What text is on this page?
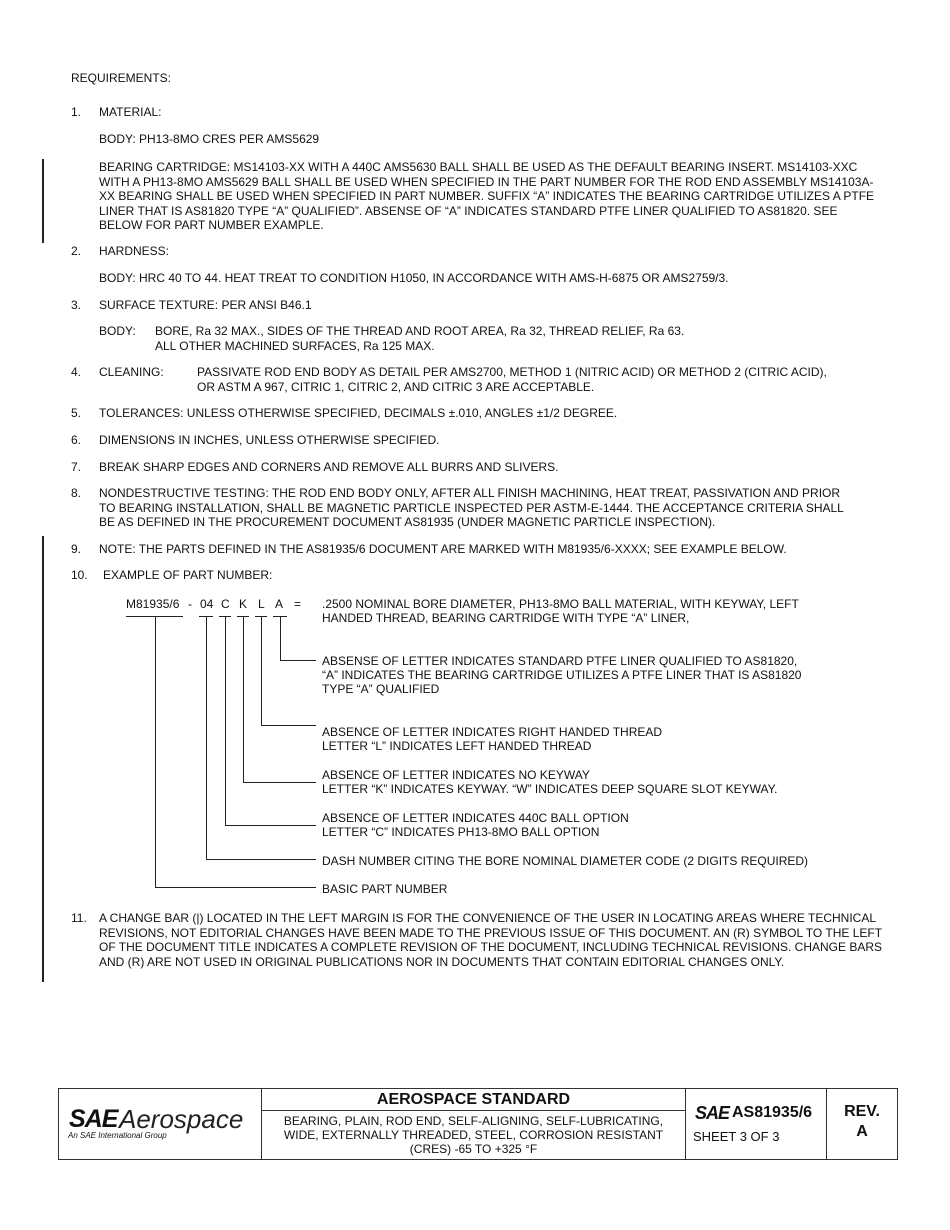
REQUIREMENTS:
1. MATERIAL:
BODY: PH13-8MO CRES PER AMS5629
BEARING CARTRIDGE: MS14103-XX WITH A 440C AMS5630 BALL SHALL BE USED AS THE DEFAULT BEARING INSERT. MS14103-XXC WITH A PH13-8MO AMS5629 BALL SHALL BE USED WHEN SPECIFIED IN THE PART NUMBER FOR THE ROD END ASSEMBLY MS14103A-XX BEARING SHALL BE USED WHEN SPECIFIED IN PART NUMBER. SUFFIX “A” INDICATES THE BEARING CARTRIDGE UTILIZES A PTFE LINER THAT IS AS81820 TYPE “A” QUALIFIED”. ABSENSE OF “A” INDICATES STANDARD PTFE LINER QUALIFIED TO AS81820. SEE BELOW FOR PART NUMBER EXAMPLE.
2. HARDNESS:
BODY: HRC 40 TO 44. HEAT TREAT TO CONDITION H1050, IN ACCORDANCE WITH AMS-H-6875 OR AMS2759/3.
3. SURFACE TEXTURE: PER ANSI B46.1
BODY: BORE, Ra 32 MAX., SIDES OF THE THREAD AND ROOT AREA, Ra 32, THREAD RELIEF, Ra 63.
ALL OTHER MACHINED SURFACES, Ra 125 MAX.
4. CLEANING:	PASSIVATE ROD END BODY AS DETAIL PER AMS2700, METHOD 1 (NITRIC ACID) OR METHOD 2 (CITRIC ACID), OR ASTM A 967, CITRIC 1, CITRIC 2, AND CITRIC 3 ARE ACCEPTABLE.
5. TOLERANCES: UNLESS OTHERWISE SPECIFIED, DECIMALS ±.010, ANGLES ±1/2 DEGREE.
6. DIMENSIONS IN INCHES, UNLESS OTHERWISE SPECIFIED.
7. BREAK SHARP EDGES AND CORNERS AND REMOVE ALL BURRS AND SLIVERS.
8. NONDESTRUCTIVE TESTING: THE ROD END BODY ONLY, AFTER ALL FINISH MACHINING, HEAT TREAT, PASSIVATION AND PRIOR TO BEARING INSTALLATION, SHALL BE MAGNETIC PARTICLE INSPECTED PER ASTM-E-1444. THE ACCEPTANCE CRITERIA SHALL BE AS DEFINED IN THE PROCUREMENT DOCUMENT AS81935 (UNDER MAGNETIC PARTICLE INSPECTION).
9. NOTE: THE PARTS DEFINED IN THE AS81935/6 DOCUMENT ARE MARKED WITH M81935/6-XXXX; SEE EXAMPLE BELOW.
10. EXAMPLE OF PART NUMBER:
M81935/6 - 04 C K L A = .2500 NOMINAL BORE DIAMETER, PH13-8MO BALL MATERIAL, WITH KEYWAY, LEFT
HANDED THREAD, BEARING CARTRIDGE WITH TYPE “A” LINER,
ABSENSE OF LETTER INDICATES STANDARD PTFE LINER QUALIFIED TO AS81820,
“A” INDICATES THE BEARING CARTRIDGE UTILIZES A PTFE LINER THAT IS AS81820
TYPE “A” QUALIFIED
ABSENCE OF LETTER INDICATES RIGHT HANDED THREAD
LETTER “L” INDICATES LEFT HANDED THREAD
ABSENCE OF LETTER INDICATES NO KEYWAY
LETTER “K” INDICATES KEYWAY. “W” INDICATES DEEP SQUARE SLOT KEYWAY.
ABSENCE OF LETTER INDICATES 440C BALL OPTION
LETTER “C” INDICATES PH13-8MO BALL OPTION
DASH NUMBER CITING THE BORE NOMINAL DIAMETER CODE (2 DIGITS REQUIRED)
BASIC PART NUMBER
11. A CHANGE BAR (|) LOCATED IN THE LEFT MARGIN IS FOR THE CONVENIENCE OF THE USER IN LOCATING AREAS WHERE TECHNICAL REVISIONS, NOT EDITORIAL CHANGES HAVE BEEN MADE TO THE PREVIOUS ISSUE OF THIS DOCUMENT. AN (R) SYMBOL TO THE LEFT OF THE DOCUMENT TITLE INDICATES A COMPLETE REVISION OF THE DOCUMENT, INCLUDING TECHNICAL REVISIONS. CHANGE BARS AND (R) ARE NOT USED IN ORIGINAL PUBLICATIONS NOR IN DOCUMENTS THAT CONTAIN EDITORIAL CHANGES ONLY.
SAE Aerospace
An SAE International Group
AEROSPACE STANDARD
BEARING, PLAIN, ROD END, SELF-ALIGNING, SELF-LUBRICATING, WIDE, EXTERNALLY THREADED, STEEL, CORROSION RESISTANT (CRES) -65 TO +325 °F
SAE AS81935/6
SHEET 3 OF 3
REV.
A
